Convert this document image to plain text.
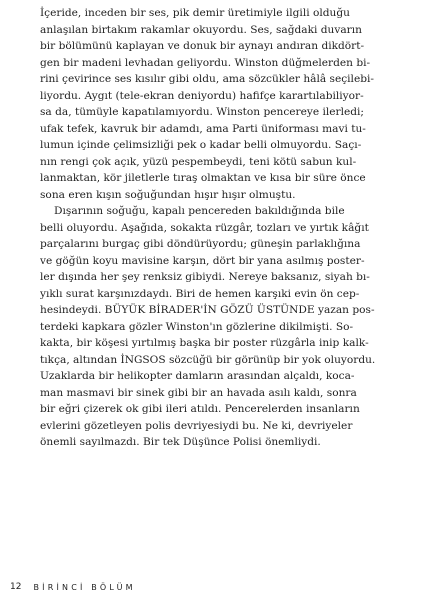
İçeride, inceden bir ses, pik demir üretimiyle ilgili olduğu
anlaşılan birtakım rakamlar okuyordu. Ses, sağdaki duvarın
bir bölümünü kaplayan ve donuk bir aynayı andıran dikdört-
gen bir madeni levhadan geliyordu. Winston düğmelerden bi-
rini çevirince ses kısılır gibi oldu, ama sözcükler hâlâ seçilebi-
liyordu. Aygıt (tele-ekran deniyordu) hafifçe karartılabiliyor-
sa da, tümüyle kapatılamıyordu. Winston pencereye ilerledi;
ufak tefek, kavruk bir adamdı, ama Parti üniforması mavi tu-
lumun içinde çelimsizliği pek o kadar belli olmuyordu. Saçı-
nın rengi çok açık, yüzü pespembeydi, teni kötü sabun kul-
lanmaktan, kör jiletlerle tıraş olmaktan ve kısa bir süre önce
sona eren kışın soğuğundan hışır hışır olmuştu.
Dışarının soğuğu, kapalı pencereden bakıldığında bile
belli oluyordu. Aşağıda, sokakta rüzgâr, tozları ve yırtık kâğıt
parçalarını burgaç gibi döndürüyordu; güneşin parlaklığına
ve göğün koyu mavisine karşın, dört bir yana asılmış poster-
ler dışında her şey renksiz gibiydi. Nereye baksanız, siyah bı-
yıklı surat karşınızdaydı. Biri de hemen karşıki evin ön cep-
hesindeydi. BÜYÜK BİRADER'İN GÖZÜ ÜSTÜNDE yazan pos-
terdeki kapkara gözler Winston'ın gözlerine dikilmişti. So-
kakta, bir köşesi yırtılmış başka bir poster rüzgârla inip kalk-
tıkça, altından İNGSOS sözcüğü bir görünüp bir yok oluyordu.
Uzaklarda bir helikopter damların arasından alçaldı, koca-
man masmavi bir sinek gibi bir an havada asılı kaldı, sonra
bir eğri çizerek ok gibi ileri atıldı. Pencerelerden insanların
evlerini gözetleyen polis devriyesiydi bu. Ne ki, devriyeler
önemli sayılmazdı. Bir tek Düşünce Polisi önemliydi.
12 BİRİNCİ BÖLÜM
